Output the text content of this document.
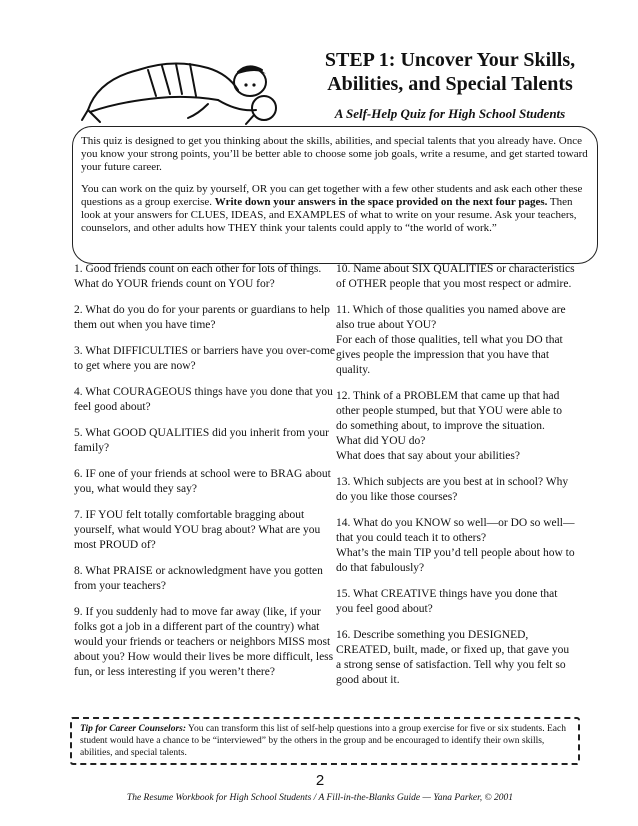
STEP 1: Uncover Your Skills,
Abilities, and Special Talents
A Self-Help Quiz for High School Students

This quiz is designed to get you thinking about the skills, abilities, and special talents that you already have. Once you know your strong points, you’ll be better able to choose some job goals, write a resume, and get started toward your future career.

You can work on the quiz by yourself, OR you can get together with a few other students and ask each other these questions as a group exercise. Write down your answers in the space provided on the next four pages. Then look at your answers for CLUES, IDEAS, and EXAMPLES of what to write on your resume. Ask your teachers, counselors, and other adults how THEY think your talents could apply to “the world of work.”

1. Good friends count on each other for lots of things. What do YOUR friends count on YOU for?

2. What do you do for your parents or guardians to help them out when you have time?

3. What DIFFICULTIES or barriers have you over-come to get where you are now?

4. What COURAGEOUS things have you done that you feel good about?

5. What GOOD QUALITIES did you inherit from your family?

6. IF one of your friends at school were to BRAG about you, what would they say?

7. IF YOU felt totally comfortable bragging about yourself, what would YOU brag about? What are you most PROUD of?

8. What PRAISE or acknowledgment have you gotten from your teachers?

9. If you suddenly had to move far away (like, if your folks got a job in a different part of the country) what would your friends or teachers or neighbors MISS most about you? How would their lives be more difficult, less fun, or less interesting if you weren’t there?

10. Name about SIX QUALITIES or characteristics of OTHER people that you most respect or admire.

11. Which of those qualities you named above are also true about YOU?
For each of those qualities, tell what you DO that gives people the impression that you have that quality.

12. Think of a PROBLEM that came up that had other people stumped, but that YOU were able to do something about, to improve the situation.
What did YOU do?
What does that say about your abilities?

13. Which subjects are you best at in school? Why do you like those courses?

14. What do you KNOW so well—or DO so well—that you could teach it to others?
What’s the main TIP you’d tell people about how to do that fabulously?

15. What CREATIVE things have you done that you feel good about?

16. Describe something you DESIGNED, CREATED, built, made, or fixed up, that gave you a strong sense of satisfaction. Tell why you felt so good about it.

Tip for Career Counselors: You can transform this list of self-help questions into a group exercise for five or six students. Each student would have a chance to be “interviewed” by the others in the group and be encouraged to identify their own skills, abilities, and special talents.
2
The Resume Workbook for High School Students / A Fill-in-the-Blanks Guide — Yana Parker, © 2001
